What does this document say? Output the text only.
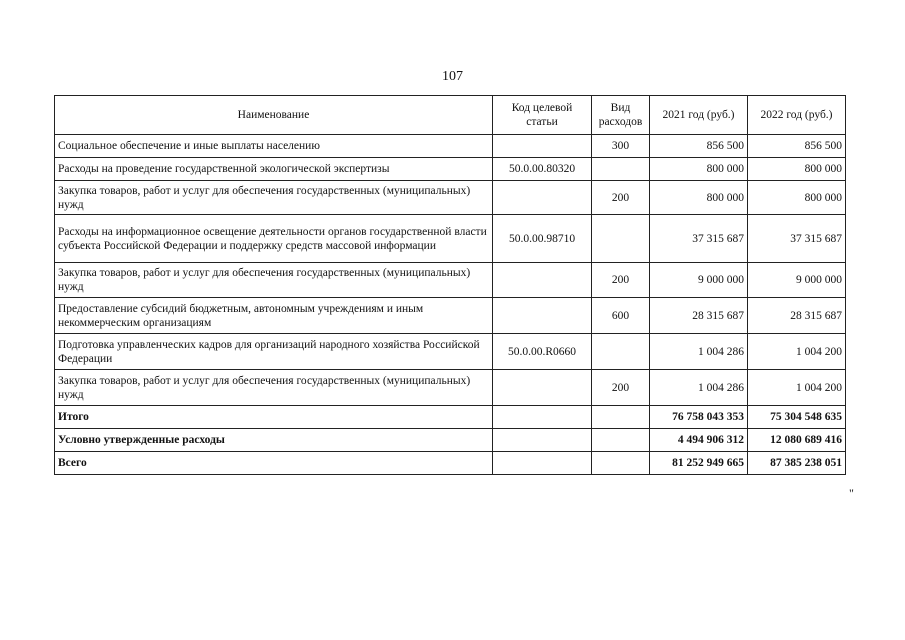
107
Наименование	Код целевой статьи	Вид расходов	2021 год (руб.)	2022 год (руб.)
Социальное обеспечение и иные выплаты населению		300	856 500	856 500
Расходы на проведение государственной экологической экспертизы	50.0.00.80320		800 000	800 000
Закупка товаров, работ и услуг для обеспечения государственных (муниципальных) нужд		200	800 000	800 000
Расходы на информационное освещение деятельности органов государственной власти субъекта Российской Федерации и поддержку средств массовой информации	50.0.00.98710		37 315 687	37 315 687
Закупка товаров, работ и услуг для обеспечения государственных (муниципальных) нужд		200	9 000 000	9 000 000
Предоставление субсидий бюджетным, автономным учреждениям и иным некоммерческим организациям		600	28 315 687	28 315 687
Подготовка управленческих кадров для организаций народного хозяйства Российской Федерации	50.0.00.R0660		1 004 286	1 004 200
Закупка товаров, работ и услуг для обеспечения государственных (муниципальных) нужд		200	1 004 286	1 004 200
Итого			76 758 043 353	75 304 548 635
Условно утвержденные расходы			4 494 906 312	12 080 689 416
Всего			81 252 949 665	87 385 238 051
"
